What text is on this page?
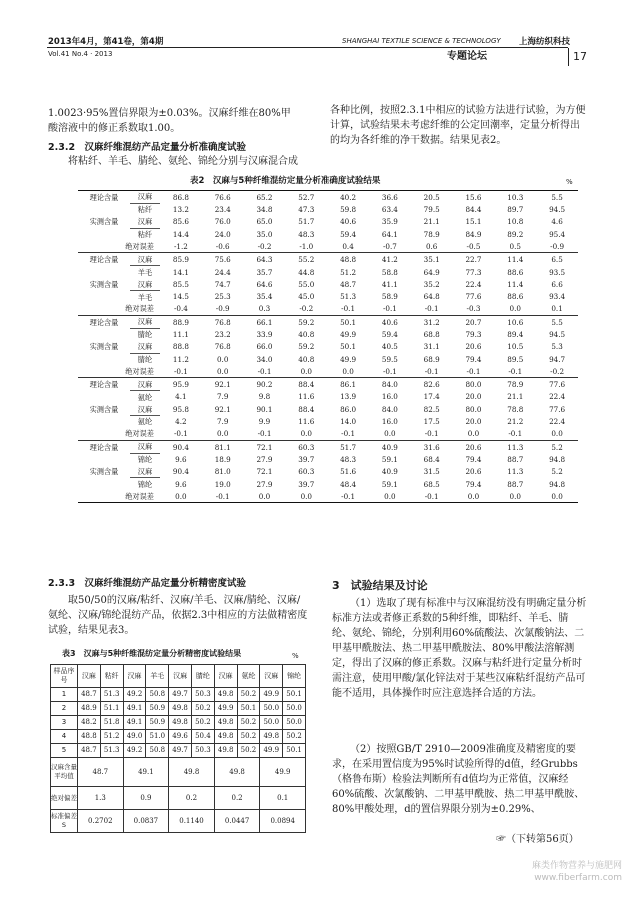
2013年4月，第41卷，第4期
Vol.41 No.4 · 2013
SHANGHAI TEXTILE SCIENCE & TECHNOLOGY 上海纺织科技
专题论坛	17
1.0023·95%置信界限为±0.03%。汉麻纤维在80%甲酸溶液中的修正系数取1.00。
2.3.2　汉麻纤维混纺产品定量分析准确度试验
将粘纤、羊毛、腈纶、氨纶、锦纶分别与汉麻混合成
各种比例，按照2.3.1中相应的试验方法进行试验，为方便计算，试验结果未考虑纤维的公定回潮率，定量分析得出的均为各纤维的净干数据。结果见表2。
表2　汉麻与5种纤维混纺定量分析准确度试验结果	%
理论含量	汉麻	86.8	76.6	65.2	52.7	40.2	36.6	20.5	15.6	10.3	5.5
	粘纤	13.2	23.4	34.8	47.3	59.8	63.4	79.5	84.4	89.7	94.5
实测含量	汉麻	85.6	76.0	65.0	51.7	40.6	35.9	21.1	15.1	10.8	4.6
	粘纤	14.4	24.0	35.0	48.3	59.4	64.1	78.9	84.9	89.2	95.4
绝对误差		-1.2	-0.6	-0.2	-1.0	0.4	-0.7	0.6	-0.5	0.5	-0.9
理论含量	汉麻	85.9	75.6	64.3	55.2	48.8	41.2	35.1	22.7	11.4	6.5
	羊毛	14.1	24.4	35.7	44.8	51.2	58.8	64.9	77.3	88.6	93.5
实测含量	汉麻	85.5	74.7	64.6	55.0	48.7	41.1	35.2	22.4	11.4	6.6
	羊毛	14.5	25.3	35.4	45.0	51.3	58.9	64.8	77.6	88.6	93.4
绝对误差		-0.4	-0.9	0.3	-0.2	-0.1	-0.1	-0.1	-0.3	0.0	0.1
理论含量	汉麻	88.9	76.8	66.1	59.2	50.1	40.6	31.2	20.7	10.6	5.5
	腈纶	11.1	23.2	33.9	40.8	49.9	59.4	68.8	79.3	89.4	94.5
实测含量	汉麻	88.8	76.8	66.0	59.2	50.1	40.5	31.1	20.6	10.5	5.3
	腈纶	11.2	0.0	34.0	40.8	49.9	59.5	68.9	79.4	89.5	94.7
绝对误差		-0.1	0.0	-0.1	0.0	0.0	-0.1	-0.1	-0.1	-0.1	-0.2
理论含量	汉麻	95.9	92.1	90.2	88.4	86.1	84.0	82.6	80.0	78.9	77.6
	氨纶	4.1	7.9	9.8	11.6	13.9	16.0	17.4	20.0	21.1	22.4
实测含量	汉麻	95.8	92.1	90.1	88.4	86.0	84.0	82.5	80.0	78.8	77.6
	氨纶	4.2	7.9	9.9	11.6	14.0	16.0	17.5	20.0	21.2	22.4
绝对误差		-0.1	0.0	-0.1	0.0	-0.1	0.0	-0.1	0.0	-0.1	0.0
理论含量	汉麻	90.4	81.1	72.1	60.3	51.7	40.9	31.6	20.6	11.3	5.2
	锦纶	9.6	18.9	27.9	39.7	48.3	59.1	68.4	79.4	88.7	94.8
实测含量	汉麻	90.4	81.0	72.1	60.3	51.6	40.9	31.5	20.6	11.3	5.2
	锦纶	9.6	19.0	27.9	39.7	48.4	59.1	68.5	79.4	88.7	94.8
绝对误差		0.0	-0.1	0.0	0.0	-0.1	0.0	-0.1	0.0	0.0	0.0
2.3.3　汉麻纤维混纺产品定量分析精密度试验
取50/50的汉麻/粘纤、汉麻/羊毛、汉麻/腈纶、汉麻/氨纶、汉麻/锦纶混纺产品，依据2.3中相应的方法做精密度试验，结果见表3。
表3　汉麻与5种纤维混纺定量分析精密度试验结果	%
样品序号	汉麻	粘纤	汉麻	羊毛	汉麻	腈纶	汉麻	氨纶	汉麻	锦纶
1	48.7	51.3	49.2	50.8	49.7	50.3	49.8	50.2	49.9	50.1
2	48.9	51.1	49.1	50.9	49.8	50.2	49.9	50.1	50.0	50.0
3	48.2	51.8	49.1	50.9	49.8	50.2	49.8	50.2	50.0	50.0
4	48.8	51.2	49.0	51.0	49.6	50.4	49.8	50.2	49.8	50.2
5	48.7	51.3	49.2	50.8	49.7	50.3	49.8	50.2	49.9	50.1
汉麻含量平均值	48.7		49.1		49.8		49.8		49.9	
绝对偏差	1.3		0.9		0.2		0.2		0.1	
标准偏差S	0.2702		0.0837		0.1140		0.0447		0.0894	
3　试验结果及讨论
（1）选取了现有标准中与汉麻混纺没有明确定量分析标准方法或者修正系数的5种纤维，即粘纤、羊毛、腈纶、氨纶、锦纶，分别利用60%硫酸法、次氯酸钠法、二甲基甲酰胺法、热二甲基甲酰胺法、80%甲酸法溶解测定，得出了汉麻的修正系数。汉麻与粘纤进行定量分析时需注意，使用甲酸/氯化锌法对于某些汉麻粘纤混纺产品可能不适用，具体操作时应注意选择合适的方法。
（2）按照GB/T 2910—2009准确度及精密度的要求，在采用置信度为95%时试验所得的d值，经Grubbs（格鲁布斯）检验法判断所有d值均为正常值，汉麻经60%硫酸、次氯酸钠、二甲基甲酰胺、热二甲基甲酰胺、80%甲酸处理，d的置信界限分别为±0.29%、
☞（下转第56页）
麻类作物营养与施肥网 www.fiberfarm.com
